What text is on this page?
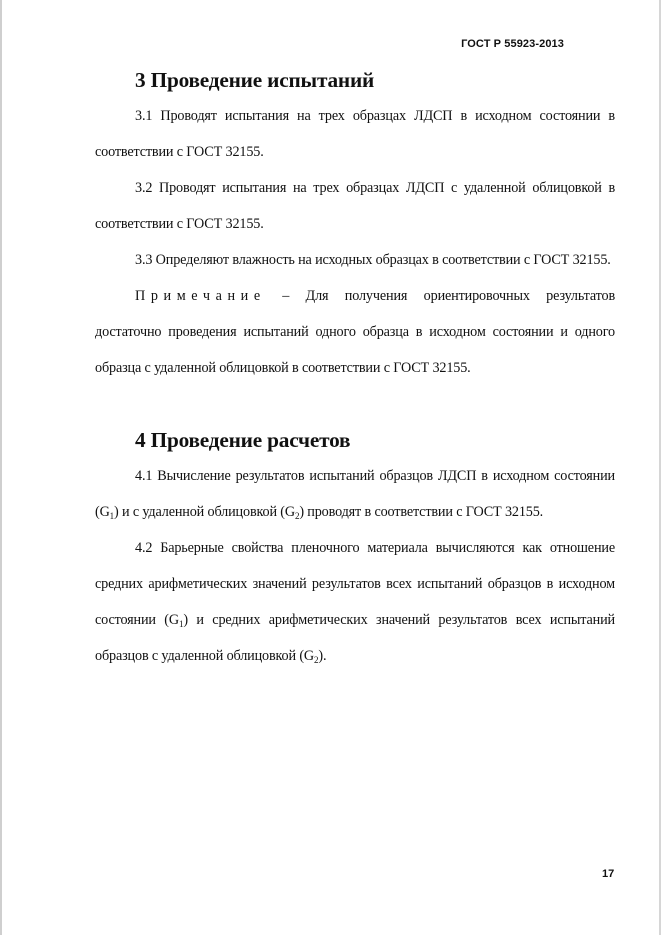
ГОСТ Р 55923-2013
3 Проведение испытаний

3.1 Проводят испытания на трех образцах ЛДСП в исходном состоянии в соответствии с ГОСТ 32155.

3.2 Проводят испытания на трех образцах ЛДСП с удаленной облицовкой в соответствии с ГОСТ 32155.

3.3 Определяют влажность на исходных образцах в соответствии с ГОСТ 32155.

Примечание – Для получения ориентировочных результатов достаточно проведения испытаний одного образца в исходном состоянии и одного образца с удаленной облицовкой в соответствии с ГОСТ 32155.

4 Проведение расчетов

4.1 Вычисление результатов испытаний образцов ЛДСП в исходном состоянии $(G_1)$ и с удаленной облицовкой $(G_2)$ проводят в соответствии с ГОСТ 32155.

4.2 Барьерные свойства пленочного материала вычисляются как отношение средних арифметических значений результатов всех испытаний образцов в исходном состоянии $(G_1)$ и средних арифметических значений результатов всех испытаний образцов с удаленной облицовкой $(G_2)$.

17
